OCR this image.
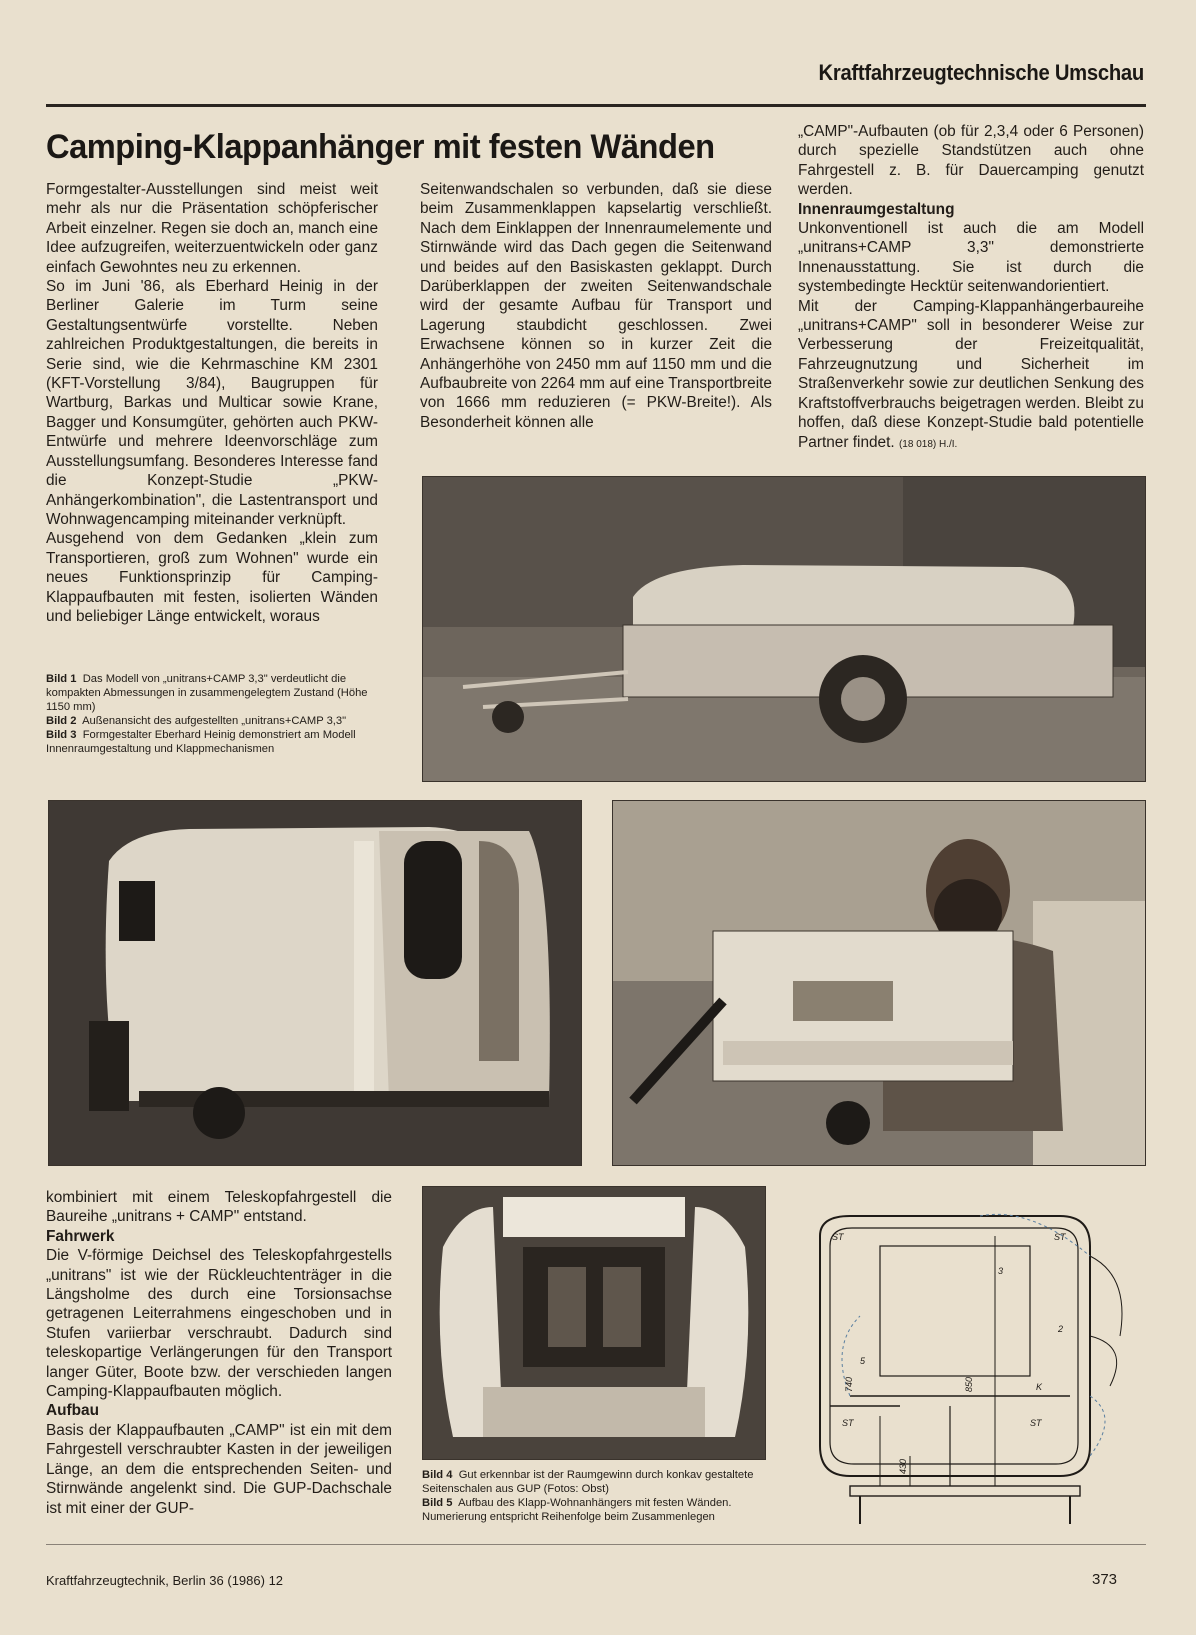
Kraftfahrzeugtechnische Umschau
Camping-Klappanhänger mit festen Wänden

Formgestalter-Ausstellungen sind meist weit mehr als nur die Präsentation schöpferischer Arbeit einzelner. Regen sie doch an, manch eine Idee aufzugreifen, weiterzuentwickeln oder ganz einfach Gewohntes neu zu erkennen.

So im Juni '86, als Eberhard Heinig in der Berliner Galerie im Turm seine Gestaltungsentwürfe vorstellte. Neben zahlreichen Produktgestaltungen, die bereits in Serie sind, wie die Kehrmaschine KM 2301 (KFT-Vorstellung 3/84), Baugruppen für Wartburg, Barkas und Multicar sowie Krane, Bagger und Konsumgüter, gehörten auch PKW-Entwürfe und mehrere Ideenvorschläge zum Ausstellungsumfang. Besonderes Interesse fand die Konzept-Studie „PKW-Anhängerkombination", die Lastentransport und Wohnwagencamping miteinander verknüpft.

Ausgehend von dem Gedanken „klein zum Transportieren, groß zum Wohnen" wurde ein neues Funktionsprinzip für Camping-Klappaufbauten mit festen, isolierten Wänden und beliebiger Länge entwickelt, woraus

Bild 1 Das Modell von „unitrans+CAMP 3,3" verdeutlicht die kompakten Abmessungen in zusammengelegtem Zustand (Höhe 1150 mm)
Bild 2 Außenansicht des aufgestellten „unitrans+CAMP 3,3"
Bild 3 Formgestalter Eberhard Heinig demonstriert am Modell Innenraumgestaltung und Klappmechanismen

Seitenwandschalen so verbunden, daß sie diese beim Zusammenklappen kapselartig verschließt. Nach dem Einklappen der Innenraumelemente und Stirnwände wird das Dach gegen die Seitenwand und beides auf den Basiskasten geklappt. Durch Darüberklappen der zweiten Seitenwandschale wird der gesamte Aufbau für Transport und Lagerung staubdicht geschlossen. Zwei Erwachsene können so in kurzer Zeit die Anhängerhöhe von 2450 mm auf 1150 mm und die Aufbaubreite von 2264 mm auf eine Transportbreite von 1666 mm reduzieren (= PKW-Breite!). Als Besonderheit können alle

„CAMP"-Aufbauten (ob für 2,3,4 oder 6 Personen) durch spezielle Standstützen auch ohne Fahrgestell z. B. für Dauercamping genutzt werden.

Innenraumgestaltung

Unkonventionell ist auch die am Modell „unitrans+CAMP 3,3" demonstrierte Innenausstattung. Sie ist durch die systembedingte Hecktür seitenwandorientiert.

Mit der Camping-Klappanhängerbaureihe „unitrans+CAMP" soll in besonderer Weise zur Verbesserung der Freizeitqualität, Fahrzeugnutzung und Sicherheit im Straßenverkehr sowie zur deutlichen Senkung des Kraftstoffverbrauchs beigetragen werden. Bleibt zu hoffen, daß diese Konzept-Studie bald potentielle Partner findet. (18 018) H./I.

kombiniert mit einem Teleskopfahrgestell die Baureihe „unitrans + CAMP" entstand.

Fahrwerk

Die V-förmige Deichsel des Teleskopfahrgestells „unitrans" ist wie der Rückleuchtenträger in die Längsholme des durch eine Torsionsachse getragenen Leiterrahmens eingeschoben und in Stufen variierbar verschraubt. Dadurch sind teleskopartige Verlängerungen für den Transport langer Güter, Boote bzw. der verschieden langen Camping-Klappaufbauten möglich.

Aufbau

Basis der Klappaufbauten „CAMP" ist ein mit dem Fahrgestell verschraubter Kasten in der jeweiligen Länge, an dem die entsprechenden Seiten- und Stirnwände angelenkt sind. Die GUP-Dachschale ist mit einer der GUP-

Bild 4 Gut erkennbar ist der Raumgewinn durch konkav gestaltete Seitenschalen aus GUP (Fotos: Obst)
Bild 5 Aufbau des Klapp-Wohnanhängers mit festen Wänden. Numerierung entspricht Reihenfolge beim Zusammenlegen
ST	ST
ST	ST
3
2
5
K
740	850
430
Kraftfahrzeugtechnik, Berlin 36 (1986) 12	373
